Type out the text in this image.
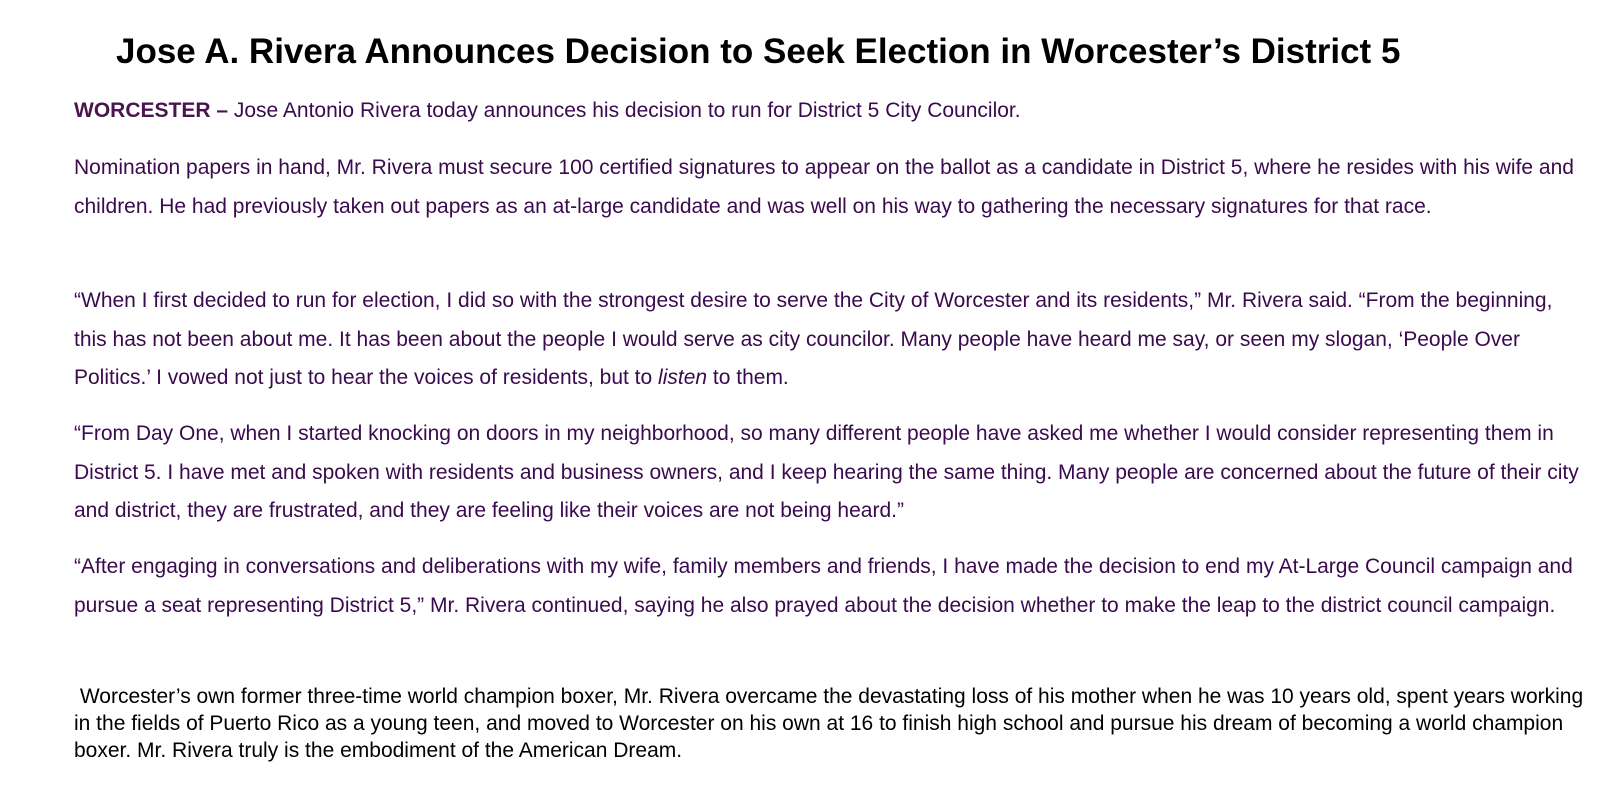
Jose A. Rivera Announces Decision to Seek Election in Worcester’s District 5

WORCESTER – Jose Antonio Rivera today announces his decision to run for District 5 City Councilor.

Nomination papers in hand, Mr. Rivera must secure 100 certified signatures to appear on the ballot as a candidate in District 5, where he resides with his wife and children. He had previously taken out papers as an at-large candidate and was well on his way to gathering the necessary signatures for that race.

“When I first decided to run for election, I did so with the strongest desire to serve the City of Worcester and its residents,” Mr. Rivera said. “From the beginning, this has not been about me. It has been about the people I would serve as city councilor. Many people have heard me say, or seen my slogan, ‘People Over Politics.’ I vowed not just to hear the voices of residents, but to listen to them.

“From Day One, when I started knocking on doors in my neighborhood, so many different people have asked me whether I would consider representing them in District 5. I have met and spoken with residents and business owners, and I keep hearing the same thing. Many people are concerned about the future of their city and district, they are frustrated, and they are feeling like their voices are not being heard.”

“After engaging in conversations and deliberations with my wife, family members and friends, I have made the decision to end my At-Large Council campaign and pursue a seat representing District 5,” Mr. Rivera continued, saying he also prayed about the decision whether to make the leap to the district council campaign.

Worcester’s own former three-time world champion boxer, Mr. Rivera overcame the devastating loss of his mother when he was 10 years old, spent years working in the fields of Puerto Rico as a young teen, and moved to Worcester on his own at 16 to finish high school and pursue his dream of becoming a world champion boxer. Mr. Rivera truly is the embodiment of the American Dream.
